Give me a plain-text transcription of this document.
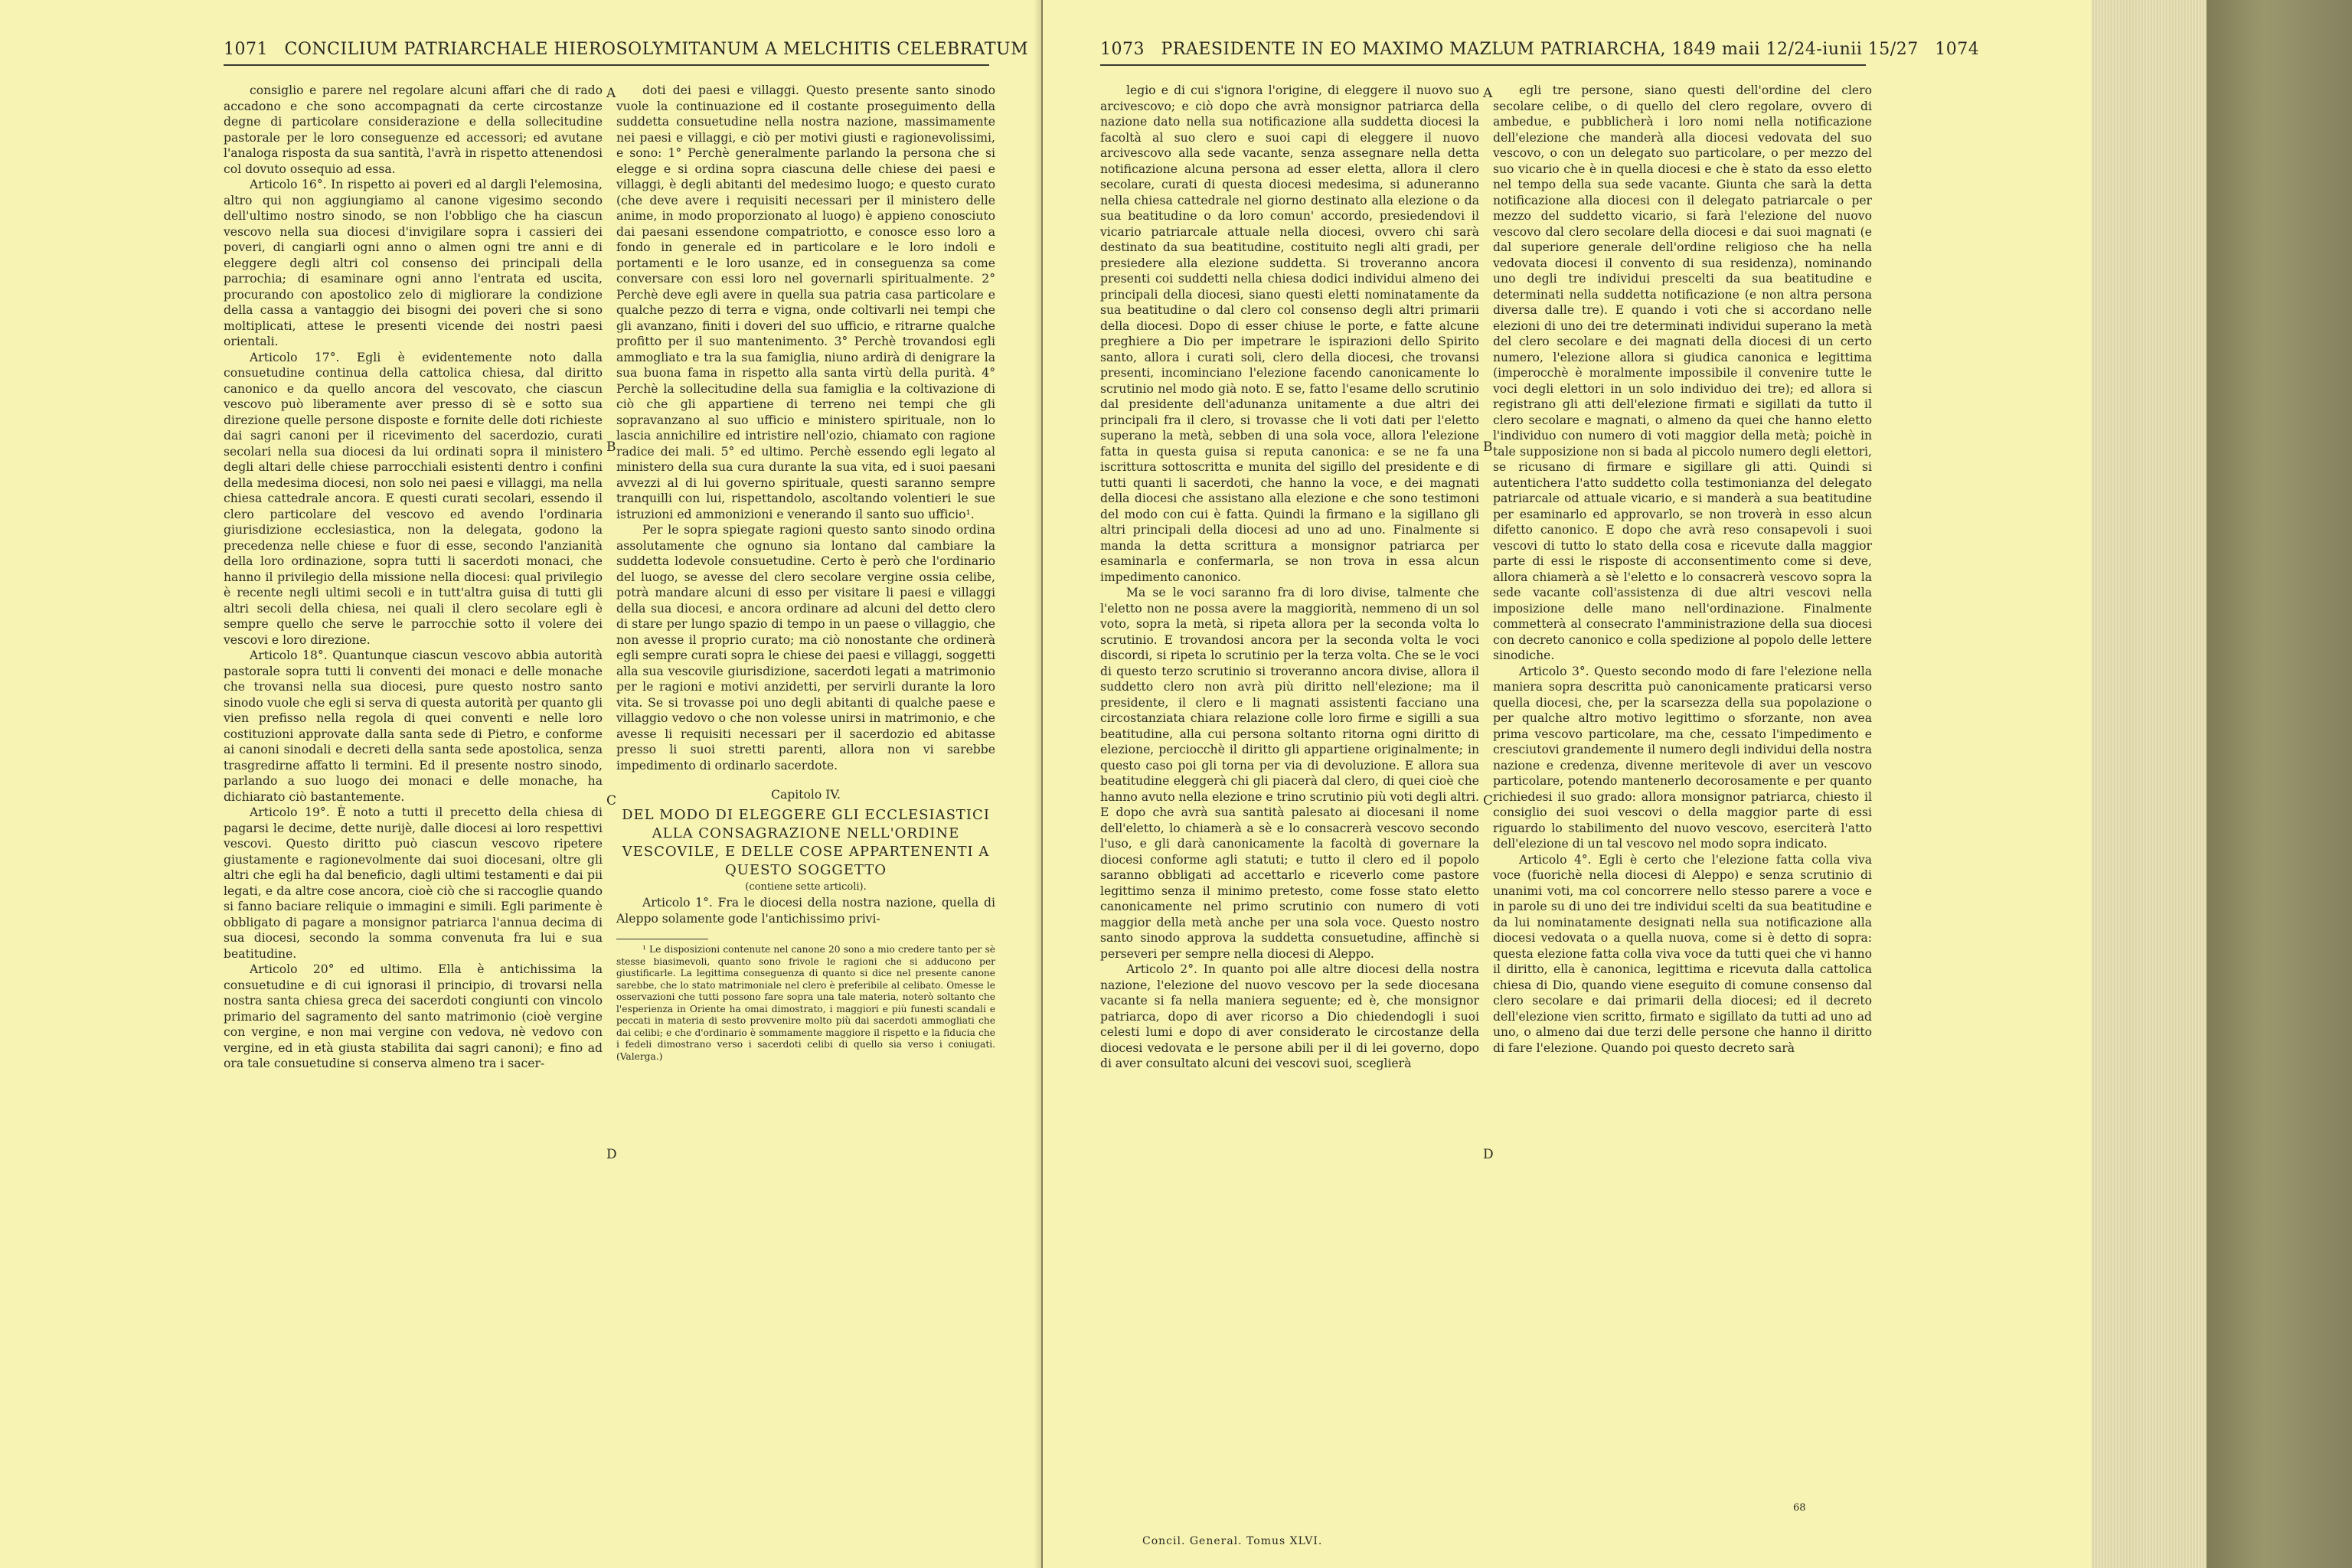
1071 CONCILIUM PATRIARCHALE HIEROSOLYMITANUM A MELCHITIS CELEBRATUM

consiglio e parere nel regolare alcuni affari che di rado accadono e che sono accompagnati da certe circostanze degne di particolare considerazione e della sollecitudine pastorale per le loro conseguenze ed accessori; ed avutane l'analoga risposta da sua santità, l'avrà in rispetto attenendosi col dovuto ossequio ad essa.

Articolo 16°. In rispetto ai poveri ed al dargli l'elemosina, altro qui non aggiungiamo al canone vigesimo secondo dell'ultimo nostro sinodo, se non l'obbligo che ha ciascun vescovo nella sua diocesi d'invigilare sopra i cassieri dei poveri, di cangiarli ogni anno o almen ogni tre anni e di eleggere degli altri col consenso dei principali della parrochia; di esaminare ogni anno l'entrata ed uscita, procurando con apostolico zelo di migliorare la condizione della cassa a vantaggio dei bisogni dei poveri che si sono moltiplicati, attese le presenti vicende dei nostri paesi orientali.

Articolo 17°. Egli è evidentemente noto dalla consuetudine continua della cattolica chiesa, dal diritto canonico e da quello ancora del vescovato, che ciascun vescovo può liberamente aver presso di sè e sotto sua direzione quelle persone disposte e fornite delle doti richieste dai sagri canoni per il ricevimento del sacerdozio, curati secolari nella sua diocesi da lui ordinati sopra il ministero degli altari delle chiese parrocchiali esistenti dentro i confini della medesima diocesi, non solo nei paesi e villaggi, ma nella chiesa cattedrale ancora. E questi curati secolari, essendo il clero particolare del vescovo ed avendo l'ordinaria giurisdizione ecclesiastica, non la delegata, godono la precedenza nelle chiese e fuor di esse, secondo l'anzianità della loro ordinazione, sopra tutti li sacerdoti monaci, che hanno il privilegio della missione nella diocesi: qual privilegio è recente negli ultimi secoli e in tutt'altra guisa di tutti gli altri secoli della chiesa, nei quali il clero secolare egli è sempre quello che serve le parrocchie sotto il volere dei vescovi e loro direzione.

Articolo 18°. Quantunque ciascun vescovo abbia autorità pastorale sopra tutti li conventi dei monaci e delle monache che trovansi nella sua diocesi, pure questo nostro santo sinodo vuole che egli si serva di questa autorità per quanto gli vien prefisso nella regola di quei conventi e nelle loro costituzioni approvate dalla santa sede di Pietro, e conforme ai canoni sinodali e decreti della santa sede apostolica, senza trasgredirne affatto li termini. Ed il presente nostro sinodo, parlando a suo luogo dei monaci e delle monache, ha dichiarato ciò bastantemente.

Articolo 19°. È noto a tutti il precetto della chiesa di pagarsi le decime, dette nurijè, dalle diocesi ai loro respettivi vescovi. Questo diritto può ciascun vescovo ripetere giustamente e ragionevolmente dai suoi diocesani, oltre gli altri che egli ha dal beneficio, dagli ultimi testamenti e dai pii legati, e da altre cose ancora, cioè ciò che si raccoglie quando si fanno baciare reliquie o immagini e simili. Egli parimente è obbligato di pagare a monsignor patriarca l'annua decima di sua diocesi, secondo la somma convenuta fra lui e sua beatitudine.

Articolo 20° ed ultimo. Ella è antichissima la consuetudine e di cui ignorasi il principio, di trovarsi nella nostra santa chiesa greca dei sacerdoti congiunti con vincolo primario del sagramento del santo matrimonio (cioè vergine con vergine, e non mai vergine con vedova, nè vedovo con vergine, ed in età giusta stabilita dai sagri canoni); e fino ad ora tale consuetudine si conserva almeno tra i sacer-

A
B
C
D

doti dei paesi e villaggi. Questo presente santo sinodo vuole la continuazione ed il costante proseguimento della suddetta consuetudine nella nostra nazione, massimamente nei paesi e villaggi, e ciò per motivi giusti e ragionevolissimi, e sono: 1° Perchè generalmente parlando la persona che si elegge e si ordina sopra ciascuna delle chiese dei paesi e villaggi, è degli abitanti del medesimo luogo; e questo curato (che deve avere i requisiti necessari per il ministero delle anime, in modo proporzionato al luogo) è appieno conosciuto dai paesani essendone compatriotto, e conosce esso loro a fondo in generale ed in particolare e le loro indoli e portamenti e le loro usanze, ed in conseguenza sa come conversare con essi loro nel governarli spiritualmente. 2° Perchè deve egli avere in quella sua patria casa particolare e qualche pezzo di terra e vigna, onde coltivarli nei tempi che gli avanzano, finiti i doveri del suo ufficio, e ritrarne qualche profitto per il suo mantenimento. 3° Perchè trovandosi egli ammogliato e tra la sua famiglia, niuno ardirà di denigrare la sua buona fama in rispetto alla santa virtù della purità. 4° Perchè la sollecitudine della sua famiglia e la coltivazione di ciò che gli appartiene di terreno nei tempi che gli sopravanzano al suo ufficio e ministero spirituale, non lo lascia annichilire ed intristire nell'ozio, chiamato con ragione radice dei mali. 5° ed ultimo. Perchè essendo egli legato al ministero della sua cura durante la sua vita, ed i suoi paesani avvezzi al di lui governo spirituale, questi saranno sempre tranquilli con lui, rispettandolo, ascoltando volentieri le sue istruzioni ed ammonizioni e venerando il santo suo ufficio¹.

Per le sopra spiegate ragioni questo santo sinodo ordina assolutamente che ognuno sia lontano dal cambiare la suddetta lodevole consuetudine. Certo è però che l'ordinario del luogo, se avesse del clero secolare vergine ossia celibe, potrà mandare alcuni di esso per visitare li paesi e villaggi della sua diocesi, e ancora ordinare ad alcuni del detto clero di stare per lungo spazio di tempo in un paese o villaggio, che non avesse il proprio curato; ma ciò nonostante che ordinerà egli sempre curati sopra le chiese dei paesi e villaggi, soggetti alla sua vescovile giurisdizione, sacerdoti legati a matrimonio per le ragioni e motivi anzidetti, per servirli durante la loro vita. Se si trovasse poi uno degli abitanti di qualche paese e villaggio vedovo o che non volesse unirsi in matrimonio, e che avesse li requisiti necessari per il sacerdozio ed abitasse presso li suoi stretti parenti, allora non vi sarebbe impedimento di ordinarlo sacerdote.

Capitolo IV.

DEL MODO DI ELEGGERE GLI ECCLESIASTICI ALLA CONSAGRAZIONE NELL'ORDINE VESCOVILE, E DELLE COSE APPARTENENTI A QUESTO SOGGETTO

(contiene sette articoli).

Articolo 1°. Fra le diocesi della nostra nazione, quella di Aleppo solamente gode l'antichissimo privi-

¹ Le disposizioni contenute nel canone 20 sono a mio credere tanto per sè stesse biasimevoli, quanto sono frivole le ragioni che si adducono per giustificarle. La legittima conseguenza di quanto si dice nel presente canone sarebbe, che lo stato matrimoniale nel clero è preferibile al celibato. Omesse le osservazioni che tutti possono fare sopra una tale materia, noterò soltanto che l'esperienza in Oriente ha omai dimostrato, i maggiori e più funesti scandali e peccati in materia di sesto provvenire molto più dai sacerdoti ammogliati che dai celibi; e che d'ordinario è sommamente maggiore il rispetto e la fiducia che i fedeli dimostrano verso i sacerdoti celibi di quello sia verso i coniugati. (Valerga.)

1073 PRAESIDENTE IN EO MAXIMO MAZLUM PATRIARCHA, 1849 maii 12/24-iunii 15/27 1074

legio e di cui s'ignora l'origine, di eleggere il nuovo suo arcivescovo; e ciò dopo che avrà monsignor patriarca della nazione dato nella sua notificazione alla suddetta diocesi la facoltà al suo clero e suoi capi di eleggere il nuovo arcivescovo alla sede vacante, senza assegnare nella detta notificazione alcuna persona ad esser eletta, allora il clero secolare, curati di questa diocesi medesima, si aduneranno nella chiesa cattedrale nel giorno destinato alla elezione o da sua beatitudine o da loro comun' accordo, presiedendovi il vicario patriarcale attuale nella diocesi, ovvero chi sarà destinato da sua beatitudine, costituito negli alti gradi, per presiedere alla elezione suddetta. Si troveranno ancora presenti coi suddetti nella chiesa dodici individui almeno dei principali della diocesi, siano questi eletti nominatamente da sua beatitudine o dal clero col consenso degli altri primarii della diocesi. Dopo di esser chiuse le porte, e fatte alcune preghiere a Dio per impetrare le ispirazioni dello Spirito santo, allora i curati soli, clero della diocesi, che trovansi presenti, incominciano l'elezione facendo canonicamente lo scrutinio nel modo già noto. E se, fatto l'esame dello scrutinio dal presidente dell'adunanza unitamente a due altri dei principali fra il clero, si trovasse che li voti dati per l'eletto superano la metà, sebben di una sola voce, allora l'elezione fatta in questa guisa si reputa canonica: e se ne fa una iscrittura sottoscritta e munita del sigillo del presidente e di tutti quanti li sacerdoti, che hanno la voce, e dei magnati della diocesi che assistano alla elezione e che sono testimoni del modo con cui è fatta. Quindi la firmano e la sigillano gli altri principali della diocesi ad uno ad uno. Finalmente si manda la detta scrittura a monsignor patriarca per esaminarla e confermarla, se non trova in essa alcun impedimento canonico.

Ma se le voci saranno fra di loro divise, talmente che l'eletto non ne possa avere la maggiorità, nemmeno di un sol voto, sopra la metà, si ripeta allora per la seconda volta lo scrutinio. E trovandosi ancora per la seconda volta le voci discordi, si ripeta lo scrutinio per la terza volta. Che se le voci di questo terzo scrutinio si troveranno ancora divise, allora il suddetto clero non avrà più diritto nell'elezione; ma il presidente, il clero e li magnati assistenti facciano una circostanziata chiara relazione colle loro firme e sigilli a sua beatitudine, alla cui persona soltanto ritorna ogni diritto di elezione, perciocchè il diritto gli appartiene originalmente; in questo caso poi gli torna per via di devoluzione. E allora sua beatitudine eleggerà chi gli piacerà dal clero, di quei cioè che hanno avuto nella elezione e trino scrutinio più voti degli altri. E dopo che avrà sua santità palesato ai diocesani il nome dell'eletto, lo chiamerà a sè e lo consacrerà vescovo secondo l'uso, e gli darà canonicamente la facoltà di governare la diocesi conforme agli statuti; e tutto il clero ed il popolo saranno obbligati ad accettarlo e riceverlo come pastore legittimo senza il minimo pretesto, come fosse stato eletto canonicamente nel primo scrutinio con numero di voti maggior della metà anche per una sola voce. Questo nostro santo sinodo approva la suddetta consuetudine, affinchè si perseveri per sempre nella diocesi di Aleppo.

Articolo 2°. In quanto poi alle altre diocesi della nostra nazione, l'elezione del nuovo vescovo per la sede diocesana vacante si fa nella maniera seguente; ed è, che monsignor patriarca, dopo di aver ricorso a Dio chiedendogli i suoi celesti lumi e dopo di aver considerato le circostanze della diocesi vedovata e le persone abili per il di lei governo, dopo di aver consultato alcuni dei vescovi suoi, sceglierà

A
B
C
D

egli tre persone, siano questi dell'ordine del clero secolare celibe, o di quello del clero regolare, ovvero di ambedue, e pubblicherà i loro nomi nella notificazione dell'elezione che manderà alla diocesi vedovata del suo vescovo, o con un delegato suo particolare, o per mezzo del suo vicario che è in quella diocesi e che è stato da esso eletto nel tempo della sua sede vacante. Giunta che sarà la detta notificazione alla diocesi con il delegato patriarcale o per mezzo del suddetto vicario, si farà l'elezione del nuovo vescovo dal clero secolare della diocesi e dai suoi magnati (e dal superiore generale dell'ordine religioso che ha nella vedovata diocesi il convento di sua residenza), nominando uno degli tre individui prescelti da sua beatitudine e determinati nella suddetta notificazione (e non altra persona diversa dalle tre). E quando i voti che si accordano nelle elezioni di uno dei tre determinati individui superano la metà del clero secolare e dei magnati della diocesi di un certo numero, l'elezione allora si giudica canonica e legittima (imperocchè è moralmente impossibile il convenire tutte le voci degli elettori in un solo individuo dei tre); ed allora si registrano gli atti dell'elezione firmati e sigillati da tutto il clero secolare e magnati, o almeno da quei che hanno eletto l'individuo con numero di voti maggior della metà; poichè in tale supposizione non si bada al piccolo numero degli elettori, se ricusano di firmare e sigillare gli atti. Quindi si autentichera l'atto suddetto colla testimonianza del delegato patriarcale od attuale vicario, e si manderà a sua beatitudine per esaminarlo ed approvarlo, se non troverà in esso alcun difetto canonico. E dopo che avrà reso consapevoli i suoi vescovi di tutto lo stato della cosa e ricevute dalla maggior parte di essi le risposte di acconsentimento come si deve, allora chiamerà a sè l'eletto e lo consacrerà vescovo sopra la sede vacante coll'assistenza di due altri vescovi nella imposizione delle mano nell'ordinazione. Finalmente commetterà al consecrato l'amministrazione della sua diocesi con decreto canonico e colla spedizione al popolo delle lettere sinodiche.

Articolo 3°. Questo secondo modo di fare l'elezione nella maniera sopra descritta può canonicamente praticarsi verso quella diocesi, che, per la scarsezza della sua popolazione o per qualche altro motivo legittimo o sforzante, non avea prima vescovo particolare, ma che, cessato l'impedimento e cresciutovi grandemente il numero degli individui della nostra nazione e credenza, divenne meritevole di aver un vescovo particolare, potendo mantenerlo decorosamente e per quanto richiedesi il suo grado: allora monsignor patriarca, chiesto il consiglio dei suoi vescovi o della maggior parte di essi riguardo lo stabilimento del nuovo vescovo, eserciterà l'atto dell'elezione di un tal vescovo nel modo sopra indicato.

Articolo 4°. Egli è certo che l'elezione fatta colla viva voce (fuorichè nella diocesi di Aleppo) e senza scrutinio di unanimi voti, ma col concorrere nello stesso parere a voce e in parole su di uno dei tre individui scelti da sua beatitudine e da lui nominatamente designati nella sua notificazione alla diocesi vedovata o a quella nuova, come si è detto di sopra: questa elezione fatta colla viva voce da tutti quei che vi hanno il diritto, ella è canonica, legittima e ricevuta dalla cattolica chiesa di Dio, quando viene eseguito di comune consenso dal clero secolare e dai primarii della diocesi; ed il decreto dell'elezione vien scritto, firmato e sigillato da tutti ad uno ad uno, o almeno dai due terzi delle persone che hanno il diritto di fare l'elezione. Quando poi questo decreto sarà

Concil. General. Tomus XLVI.
68
